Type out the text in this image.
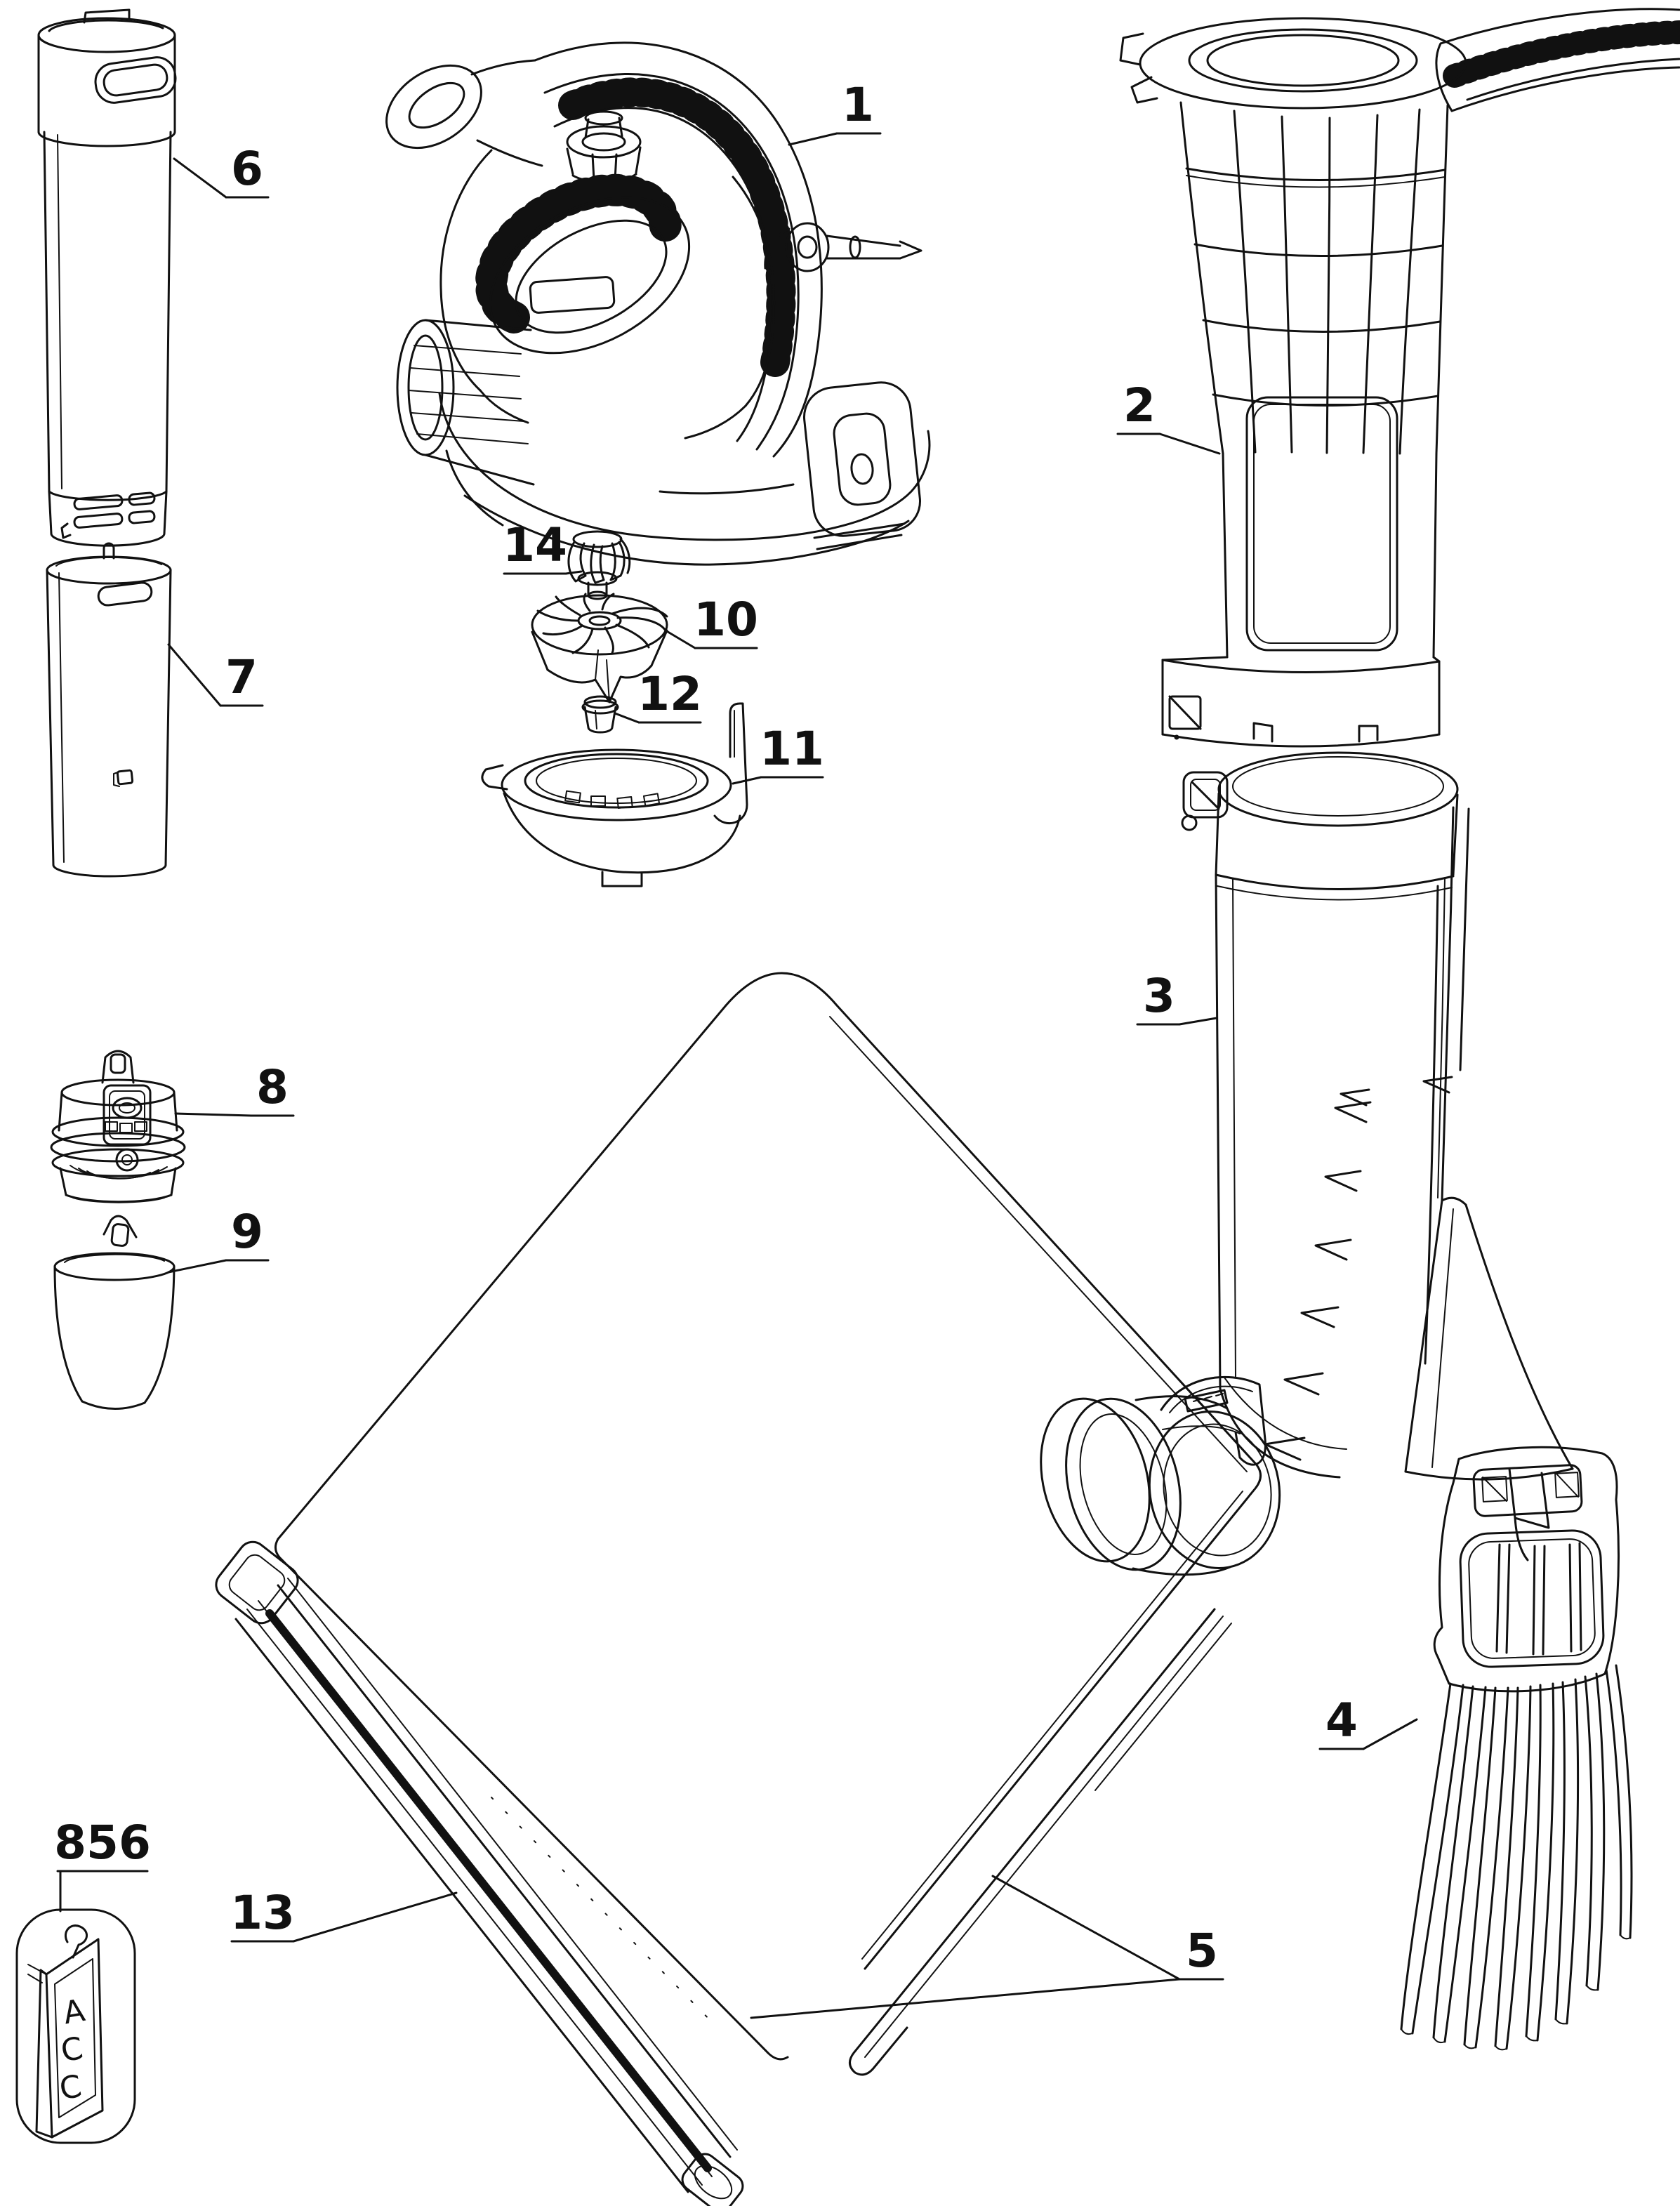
A
C
C
1
2
3
4
5
6
7
8
9
10
11
12
13
14
856
